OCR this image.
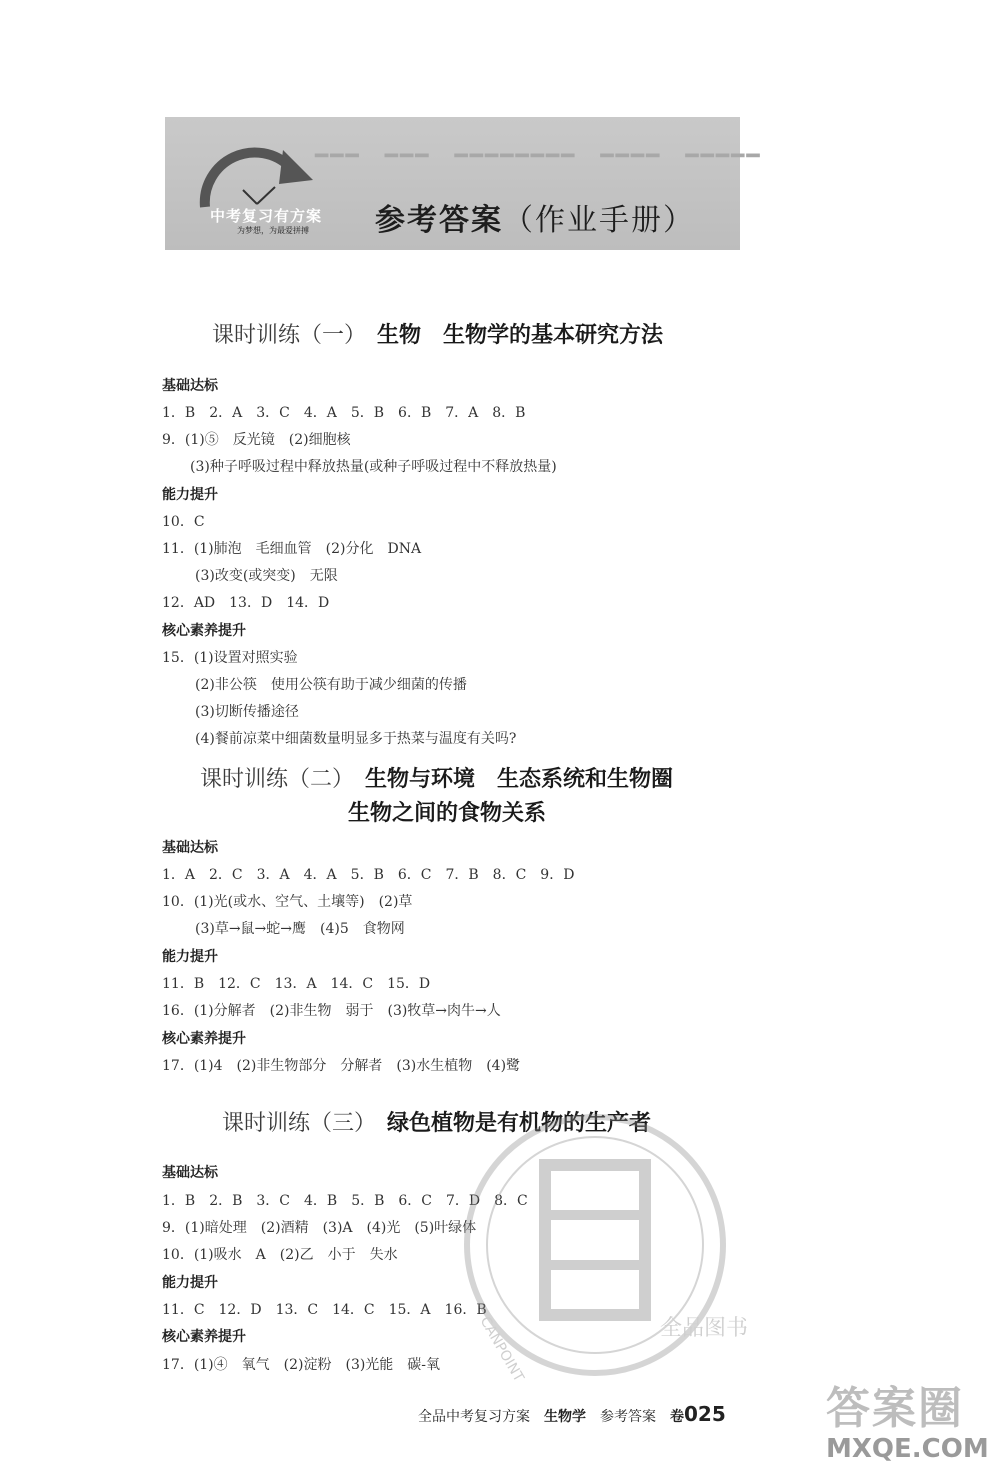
━━━　━━━　━━━━━━━━　━━━━　━━━━━
中考复习有方案
为梦想，为最爱拼搏 参考答案（作业手册）
课时训练（一）　 生物　生物学的基本研究方法
基础达标
1．B　2．A　3．C　4．A　5．B　6．B　7．A　8．B
9．(1)⑤　反光镜　(2)细胞核
(3)种子呼吸过程中释放热量(或种子呼吸过程中不释放热量)
能力提升
10．C
11．(1)肺泡　毛细血管　(2)分化　DNA
(3)改变(或突变)　无限
12．AD　13．D　14．D
核心素养提升
15．(1)设置对照实验
(2)非公筷　使用公筷有助于减少细菌的传播
(3)切断传播途径
(4)餐前凉菜中细菌数量明显多于热菜与温度有关吗?
课时训练（二）　 生物与环境　生态系统和生物圈
生物之间的食物关系
基础达标
1．A　2．C　3．A　4．A　5．B　6．C　7．B　8．C　9．D
10．(1)光(或水、空气、土壤等)　(2)草
(3)草→鼠→蛇→鹰　(4)5　食物网
能力提升
11．B　12．C　13．A　14．C　15．D
16．(1)分解者　(2)非生物　弱于　(3)牧草→肉牛→人
核心素养提升
17．(1)4　(2)非生物部分　分解者　(3)水生植物　(4)鹭
课时训练（三）　 绿色植物是有机物的生产者
基础达标
1．B　2．B　3．C　4．B　5．B　6．C　7．D　8．C
9．(1)暗处理　(2)酒精　(3)A　(4)光　(5)叶绿体
10．(1)吸水　A　(2)乙　小于　失水
能力提升
11．C　12．D　13．C　14．C　15．A　16．B
核心素养提升
17．(1)④　氧气　(2)淀粉　(3)光能　碳-氧
全品图书
CANPOINT
全品中考复习方案　 生物学　 参考答案　 卷025 答案圈
MXQE.COM
